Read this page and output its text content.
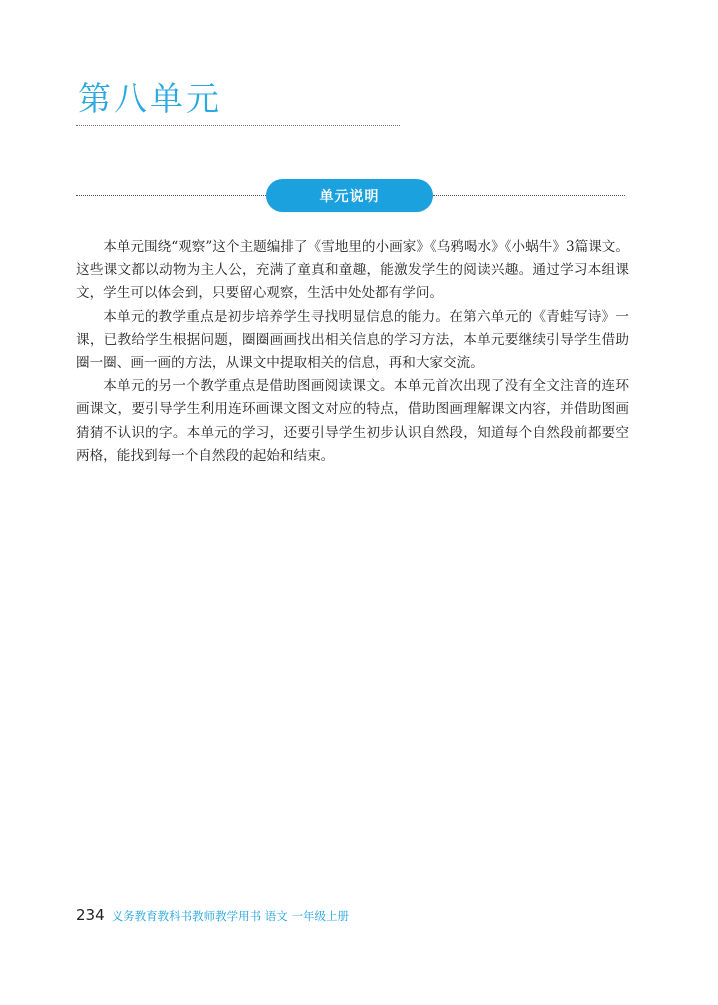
第八单元
单元说明

本单元围绕“观察”这个主题编排了《雪地里的小画家》《乌鸦喝水》《小蜗牛》3篇课文。这些课文都以动物为主人公，充满了童真和童趣，能激发学生的阅读兴趣。通过学习本组课文，学生可以体会到，只要留心观察，生活中处处都有学问。

本单元的教学重点是初步培养学生寻找明显信息的能力。在第六单元的《青蛙写诗》一课，已教给学生根据问题，圈圈画画找出相关信息的学习方法，本单元要继续引导学生借助圈一圈、画一画的方法，从课文中提取相关的信息，再和大家交流。

本单元的另一个教学重点是借助图画阅读课文。本单元首次出现了没有全文注音的连环画课文，要引导学生利用连环画课文图文对应的特点，借助图画理解课文内容，并借助图画猜猜不认识的字。本单元的学习，还要引导学生初步认识自然段，知道每个自然段前都要空两格，能找到每一个自然段的起始和结束。

234 义务教育教科书教师教学用书 语文 一年级上册
